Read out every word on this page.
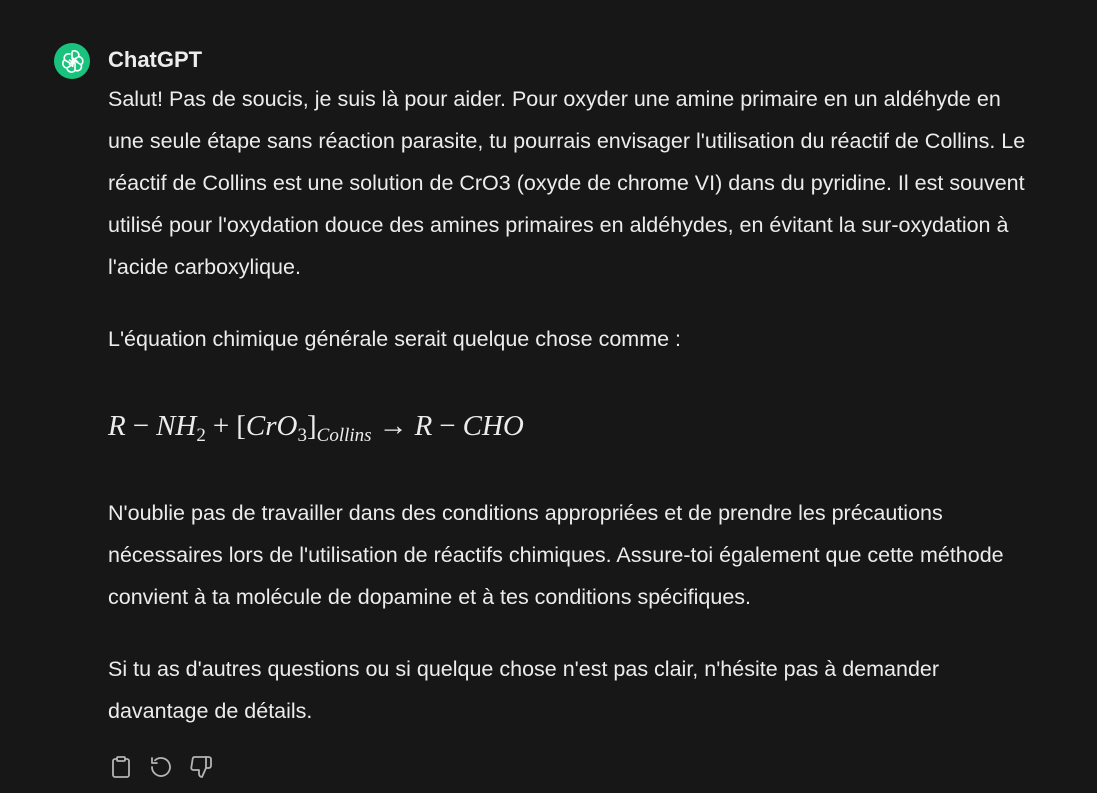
ChatGPT

Salut! Pas de soucis, je suis là pour aider. Pour oxyder une amine primaire en un aldéhyde en une seule étape sans réaction parasite, tu pourrais envisager l'utilisation du réactif de Collins. Le réactif de Collins est une solution de CrO3 (oxyde de chrome VI) dans du pyridine. Il est souvent utilisé pour l'oxydation douce des amines primaires en aldéhydes, en évitant la sur-oxydation à l'acide carboxylique.

L'équation chimique générale serait quelque chose comme :

$R - NH_2 + [CrO_3]_{Collins} \to R$ − CHO

N'oublie pas de travailler dans des conditions appropriées et de prendre les précautions nécessaires lors de l'utilisation de réactifs chimiques. Assure-toi également que cette méthode convient à ta molécule de dopamine et à tes conditions spécifiques.

Si tu as d'autres questions ou si quelque chose n'est pas clair, n'hésite pas à demander davantage de détails.
